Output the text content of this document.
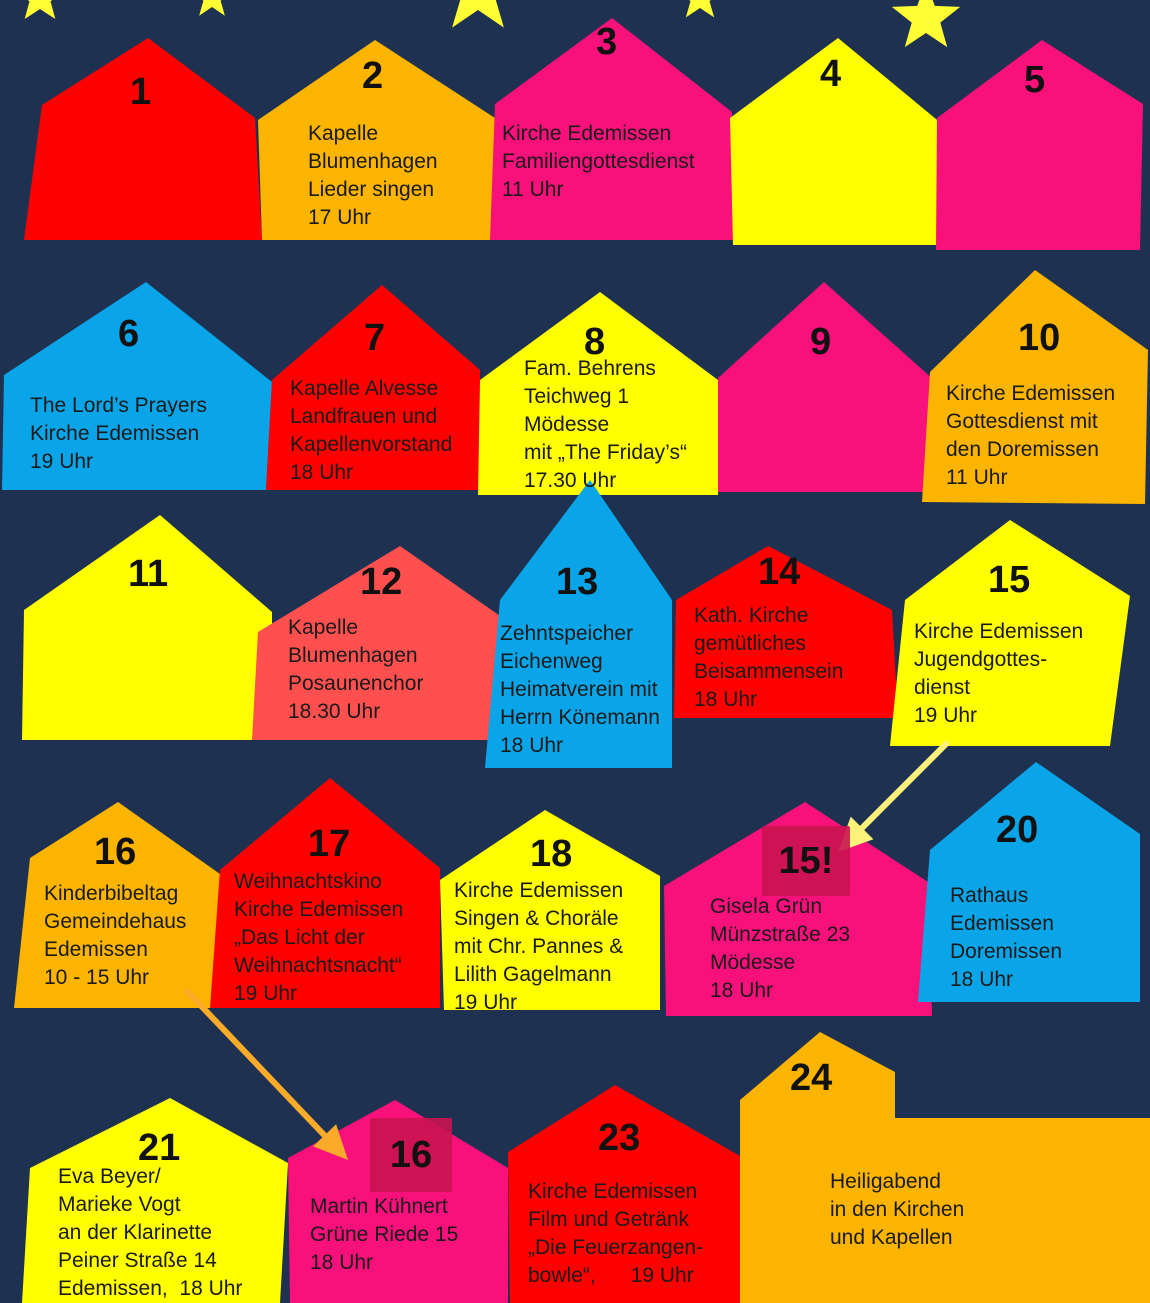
1	2
Kapelle
Blumenhagen
Lieder singen
17 Uhr
3
Kirche Edemissen
Familiengottesdienst
11 Uhr
4	5
6
The Lord’s Prayers
Kirche Edemissen
19 Uhr
7
Kapelle Alvesse
Landfrauen und
Kapellenvorstand
18 Uhr
8
Fam. Behrens
Teichweg 1
Mödesse
mit „The Friday’s“
17.30 Uhr
9	10
Kirche Edemissen
Gottesdienst mit
den Doremissen
11 Uhr
11	12
Kapelle
Blumenhagen
Posaunenchor
18.30 Uhr
13
Zehntspeicher
Eichenweg
Heimatverein mit
Herrn Könemann
18 Uhr
14
Kath. Kirche
gemütliches
Beisammensein
18 Uhr
15
Kirche Edemissen
Jugendgottes-
dienst
19 Uhr
16
Kinderbibeltag
Gemeindehaus
Edemissen
10 - 15 Uhr
17
Weihnachtskino
Kirche Edemissen
„Das Licht der
Weihnachtsnacht“
19 Uhr
18
Kirche Edemissen
Singen & Choräle
mit Chr. Pannes &
Lilith Gagelmann
19 Uhr
15!
Gisela Grün
Münzstraße 23
Mödesse
18 Uhr
20
Rathaus
Edemissen
Doremissen
18 Uhr
21
Eva Beyer/
Marieke Vogt
an der Klarinette
Peiner Straße 14
Edemissen,  18 Uhr
16
Martin Kühnert
Grüne Riede 15
18 Uhr
23
Kirche Edemissen
Film und Getränk
„Die Feuerzangen-
bowle“,      19 Uhr
24
Heiligabend
in den Kirchen
und Kapellen
